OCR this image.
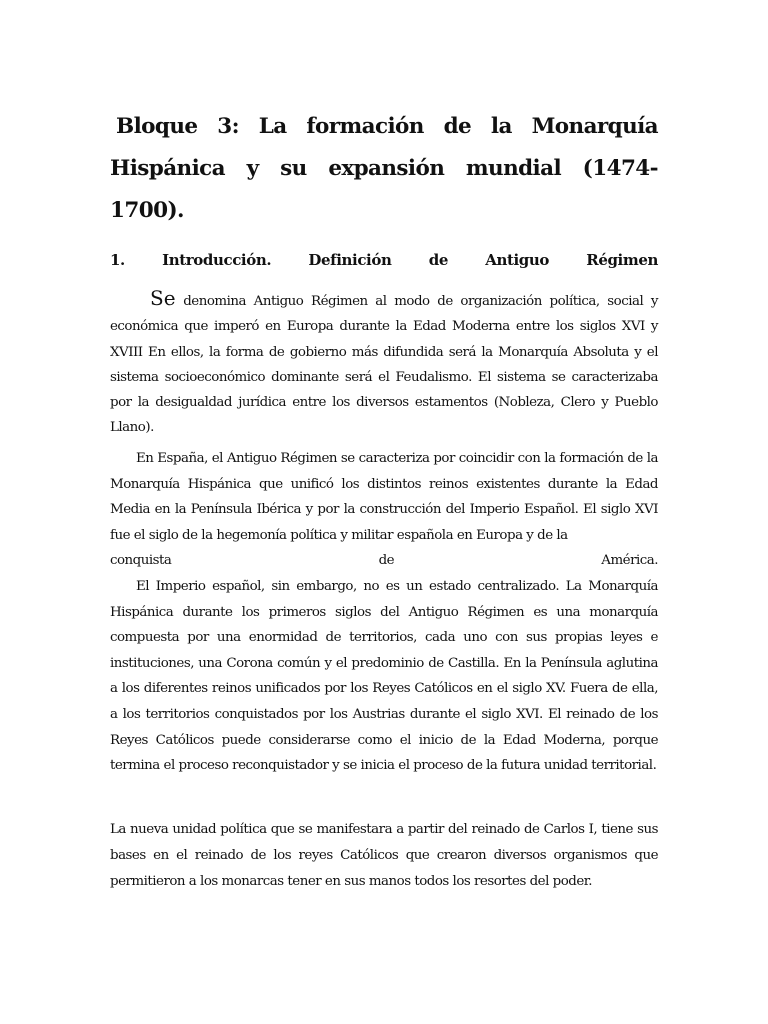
Bloque 3: La formación de la Monarquía Hispánica y su expansión mundial (1474-1700).
1. Introducción. Definición de Antiguo Régimen

Se denomina Antiguo Régimen al modo de organización política, social y económica que imperó en Europa durante la Edad Moderna entre los siglos XVI y XVIII En ellos, la forma de gobierno más difundida será la Monarquía Absoluta y el sistema socioeconómico dominante será el Feudalismo. El sistema se caracterizaba por la desigualdad jurídica entre los diversos estamentos (Nobleza, Clero y Pueblo Llano).

En España, el Antiguo Régimen se caracteriza por coincidir con la formación de la Monarquía Hispánica que unificó los distintos reinos existentes durante la Edad Media en la Península Ibérica y por la construcción del Imperio Español. El siglo XVI fue el siglo de la hegemonía política y militar española en Europa y de la

conquista	de	América.

El Imperio español, sin embargo, no es un estado centralizado. La Monarquía Hispánica durante los primeros siglos del Antiguo Régimen es una monarquía compuesta por una enormidad de territorios, cada uno con sus propias leyes e instituciones, una Corona común y el predominio de Castilla. En la Península aglutina a los diferentes reinos unificados por los Reyes Católicos en el siglo XV. Fuera de ella, a los territorios conquistados por los Austrias durante el siglo XVI. El reinado de los Reyes Católicos puede considerarse como el inicio de la Edad Moderna, porque termina el proceso reconquistador y se inicia el proceso de la futura unidad territorial.

La nueva unidad política que se manifestara a partir del reinado de Carlos I, tiene sus bases en el reinado de los reyes Católicos que crearon diversos organismos que permitieron a los monarcas tener en sus manos todos los resortes del poder.
